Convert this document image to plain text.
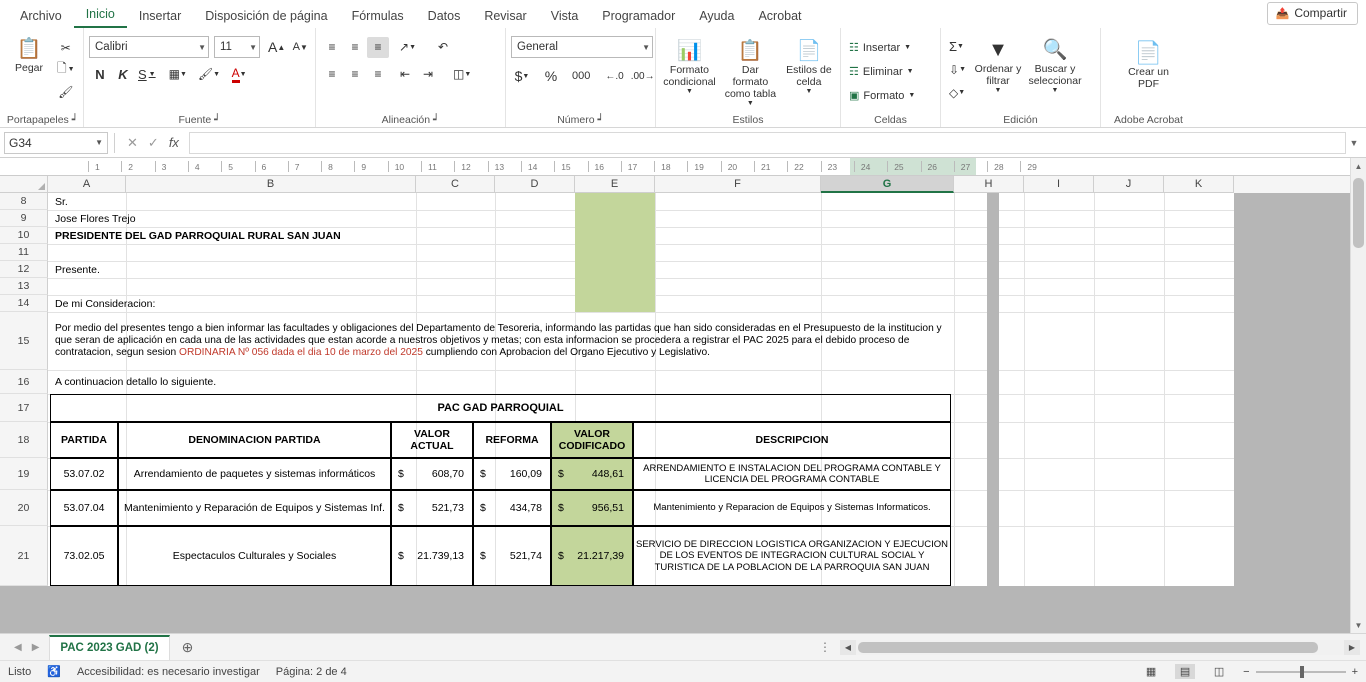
Archivo	Inicio	Insertar	Disposición de página	Fórmulas	Datos	Revisar	Vista	Programador	Ayuda	Acrobat	📤 Compartir
📋
Pegar
✂
🗋 ▼
🖌
Portapapeles ┙
Calibri	▼ 11	▼ A ▲ A ▼
N K S ▼ ▦ ▼ 🖌 ▼ A ▼
Fuente ┙
≡ ≡ ≡ ↗ ▼ ↶
≡ ≡ ≡ ⇤ ⇥ ◫ ▼
Alineación ┙
General	▼
$ ▼ % 000 ←.0 .00→
Número ┙
📊
Formato condicional
▼
📋
Dar formato como tabla
▼
📄
Estilos de celda
▼
Estilos
☷ Insertar ▼
☶ Eliminar ▼
▣ Formato ▼
Celdas
Σ ▼
⇩ ▼
◇ ▼
▼
Ordenar y filtrar
▼
🔍
Buscar y seleccionar
▼
Edición
📄
Crear un PDF
Adobe Acrobat
G34	▼ ✕ ✓ fx	▼
1	2	3	4	5	6	7	8	9	10	11	12	13	14	15	16	17	18	19	20	21	22	23	24	25	26	27	28	29
A	B	C	D	E	F	G	H	I	J	K
8
9
10
11
12
13
14
15
16
17
18
19
20
21
Sr.
Jose Flores Trejo
PRESIDENTE DEL GAD PARROQUIAL RURAL SAN JUAN
Presente.
De mi Consideracion:
Por medio del presentes tengo a bien informar las facultades y obligaciones del Departamento de Tesoreria, informando las partidas que han sido consideradas en el Presupuesto de la institucion y que seran de aplicación en cada una de las actividades que estan acorde a nuestros objetivos y metas; con esta informacion se procedera a registrar el PAC 2025 para el debido proceso de contratacion, segun sesion ORDINARIA Nº 056 dada el dia 10 de marzo del 2025 cumpliendo con Aprobacion del Organo Ejecutivo y Legislativo.
A continuacion detallo lo siguiente.
PAC GAD PARROQUIAL
PARTIDA	DENOMINACION PARTIDA
VALOR ACTUAL
REFORMA
VALOR CODIFICADO
DESCRIPCION
53.07.02	Arrendamiento de paquetes y sistemas informáticos	$	608,70 $	160,09 $	448,61	ARRENDAMIENTO E INSTALACION DEL PROGRAMA CONTABLE Y LICENCIA DEL PROGRAMA CONTABLE
53.07.04	Mantenimiento y Reparación de Equipos y Sistemas Inf.	$	521,73 $	434,78 $	956,51	Mantenimiento y Reparacion de Equipos y Sistemas Informaticos.
73.02.05	Espectaculos Culturales y Sociales	$	21.739,13 $	521,74 $	21.217,39
SERVICIO DE DIRECCION LOGISTICA ORGANIZACION Y EJECUCION DE LOS EVENTOS DE INTEGRACION CULTURAL SOCIAL Y TURISTICA DE LA POBLACION DE LA PARROQUIA SAN JUAN
▲
▼
◀ ▶ PAC 2023 GAD (2)	⊕	⋮	◀	▶
Listo ♿ Accesibilidad: es necesario investigar Página: 2 de 4	▦	▤	◫	−	+
